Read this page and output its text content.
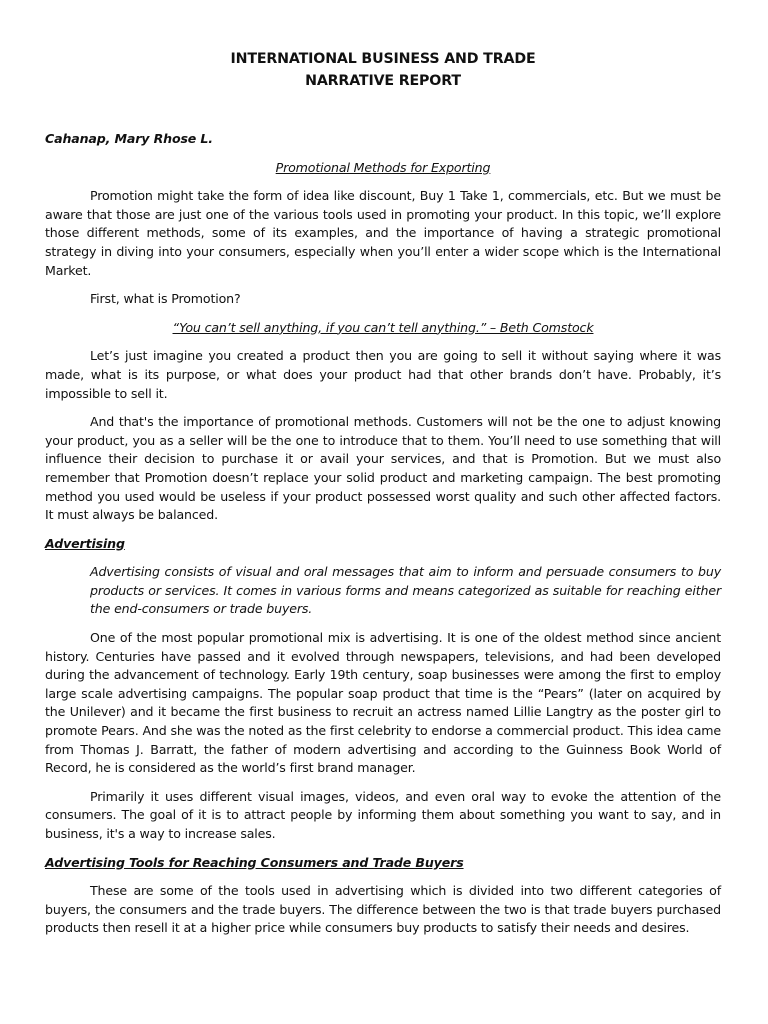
INTERNATIONAL BUSINESS AND TRADE

NARRATIVE REPORT

Cahanap, Mary Rhose L.

Promotional Methods for Exporting

Promotion might take the form of idea like discount, Buy 1 Take 1, commercials, etc. But we must be aware that those are just one of the various tools used in promoting your product. In this topic, we’ll explore those different methods, some of its examples, and the importance of having a strategic promotional strategy in diving into your consumers, especially when you’ll enter a wider scope which is the International Market.

First, what is Promotion?

“You can’t sell anything, if you can’t tell anything.” – Beth Comstock

Let’s just imagine you created a product then you are going to sell it without saying where it was made, what is its purpose, or what does your product had that other brands don’t have. Probably, it’s impossible to sell it.

And that's the importance of promotional methods. Customers will not be the one to adjust knowing your product, you as a seller will be the one to introduce that to them. You’ll need to use something that will influence their decision to purchase it or avail your services, and that is Promotion. But we must also remember that Promotion doesn’t replace your solid product and marketing campaign. The best promoting method you used would be useless if your product possessed worst quality and such other affected factors. It must always be balanced.

Advertising

Advertising consists of visual and oral messages that aim to inform and persuade consumers to buy products or services. It comes in various forms and means categorized as suitable for reaching either the end-consumers or trade buyers.

One of the most popular promotional mix is advertising. It is one of the oldest method since ancient history. Centuries have passed and it evolved through newspapers, televisions, and had been developed during the advancement of technology. Early 19th century, soap businesses were among the first to employ large scale advertising campaigns. The popular soap product that time is the “Pears” (later on acquired by the Unilever) and it became the first business to recruit an actress named Lillie Langtry as the poster girl to promote Pears. And she was the noted as the first celebrity to endorse a commercial product. This idea came from Thomas J. Barratt, the father of modern advertising and according to the Guinness Book World of Record, he is considered as the world’s first brand manager.

Primarily it uses different visual images, videos, and even oral way to evoke the attention of the consumers. The goal of it is to attract people by informing them about something you want to say, and in business, it's a way to increase sales.

Advertising Tools for Reaching Consumers and Trade Buyers

These are some of the tools used in advertising which is divided into two different categories of buyers, the consumers and the trade buyers. The difference between the two is that trade buyers purchased products then resell it at a higher price while consumers buy products to satisfy their needs and desires.
